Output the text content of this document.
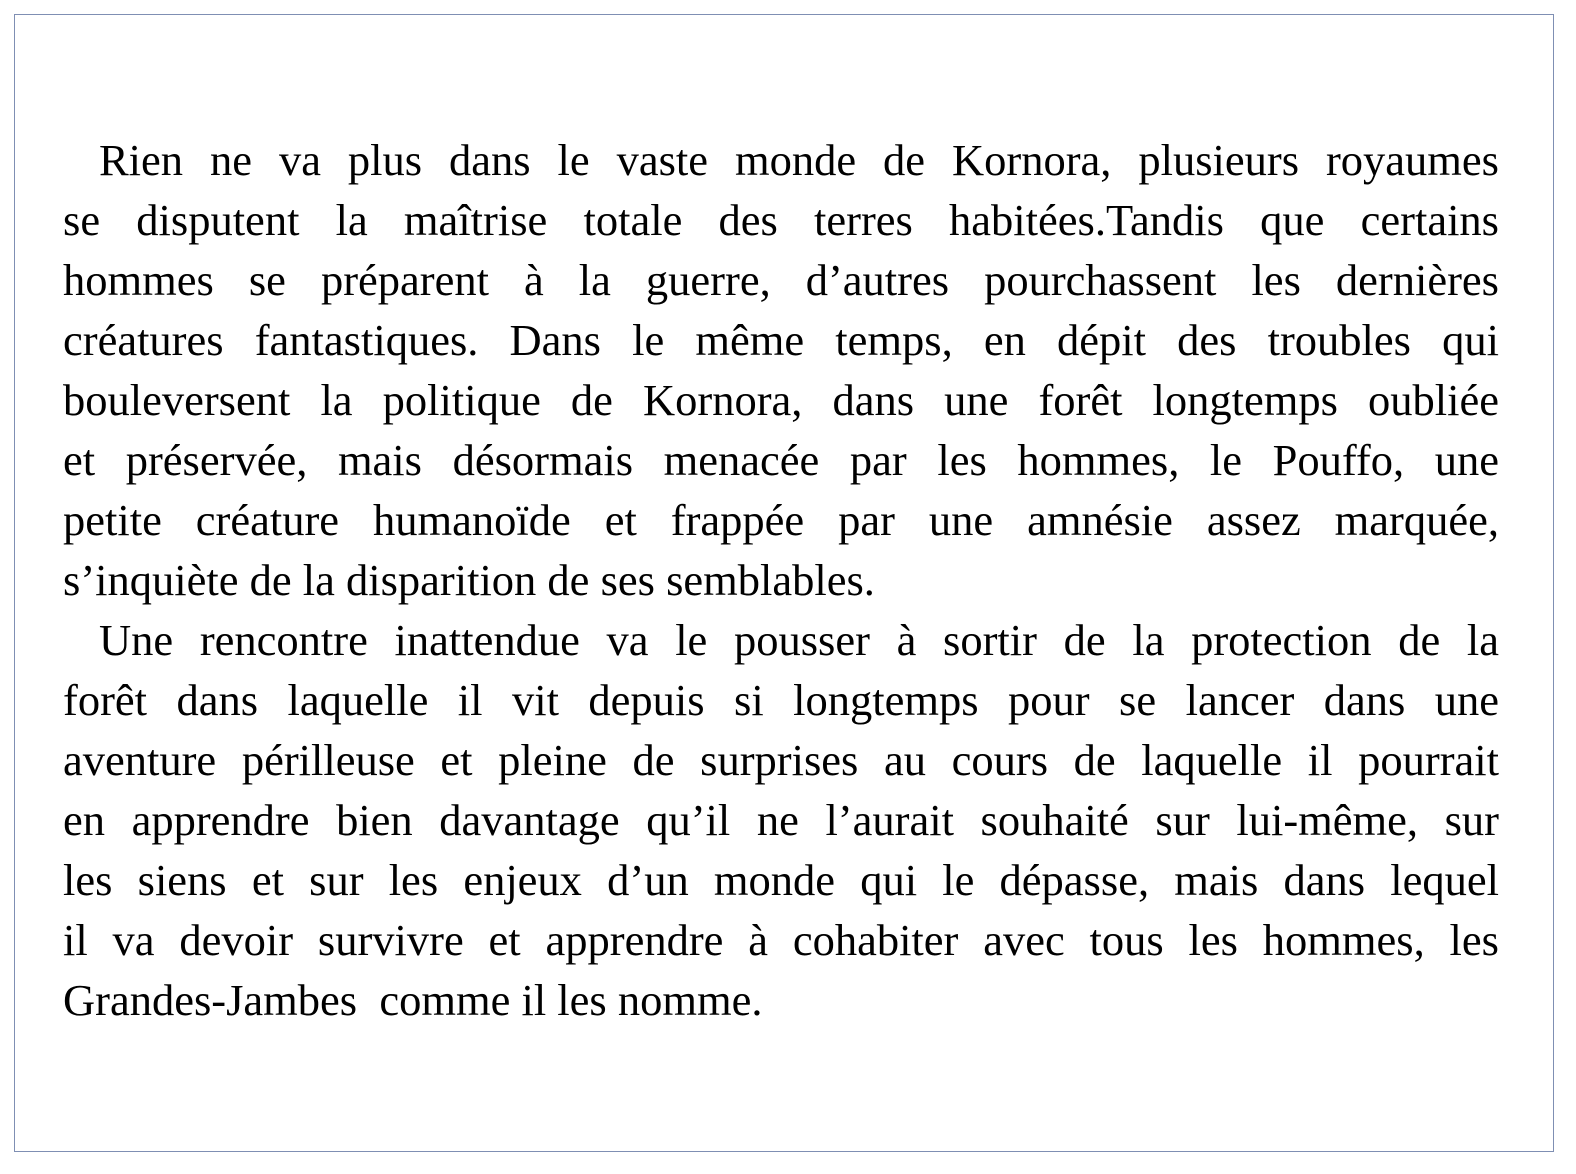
Rien ne va plus dans le vaste monde de Kornora, plusieurs royaumes
se disputent la maîtrise totale des terres habitées.Tandis que certains
hommes se préparent à la guerre, d’autres pourchassent les dernières
créatures fantastiques. Dans le même temps, en dépit des troubles qui
bouleversent la politique de Kornora, dans une forêt longtemps oubliée
et préservée, mais désormais menacée par les hommes, le Pouffo, une
petite créature humanoïde et frappée par une amnésie assez marquée,
s’inquiète de la disparition de ses semblables.
Une rencontre inattendue va le pousser à sortir de la protection de la
forêt dans laquelle il vit depuis si longtemps pour se lancer dans une
aventure périlleuse et pleine de surprises au cours de laquelle il pourrait
en apprendre bien davantage qu’il ne l’aurait souhaité sur lui-même, sur
les siens et sur les enjeux d’un monde qui le dépasse, mais dans lequel
il va devoir survivre et apprendre à cohabiter avec tous les hommes, les
Grandes-Jambes  comme il les nomme.
